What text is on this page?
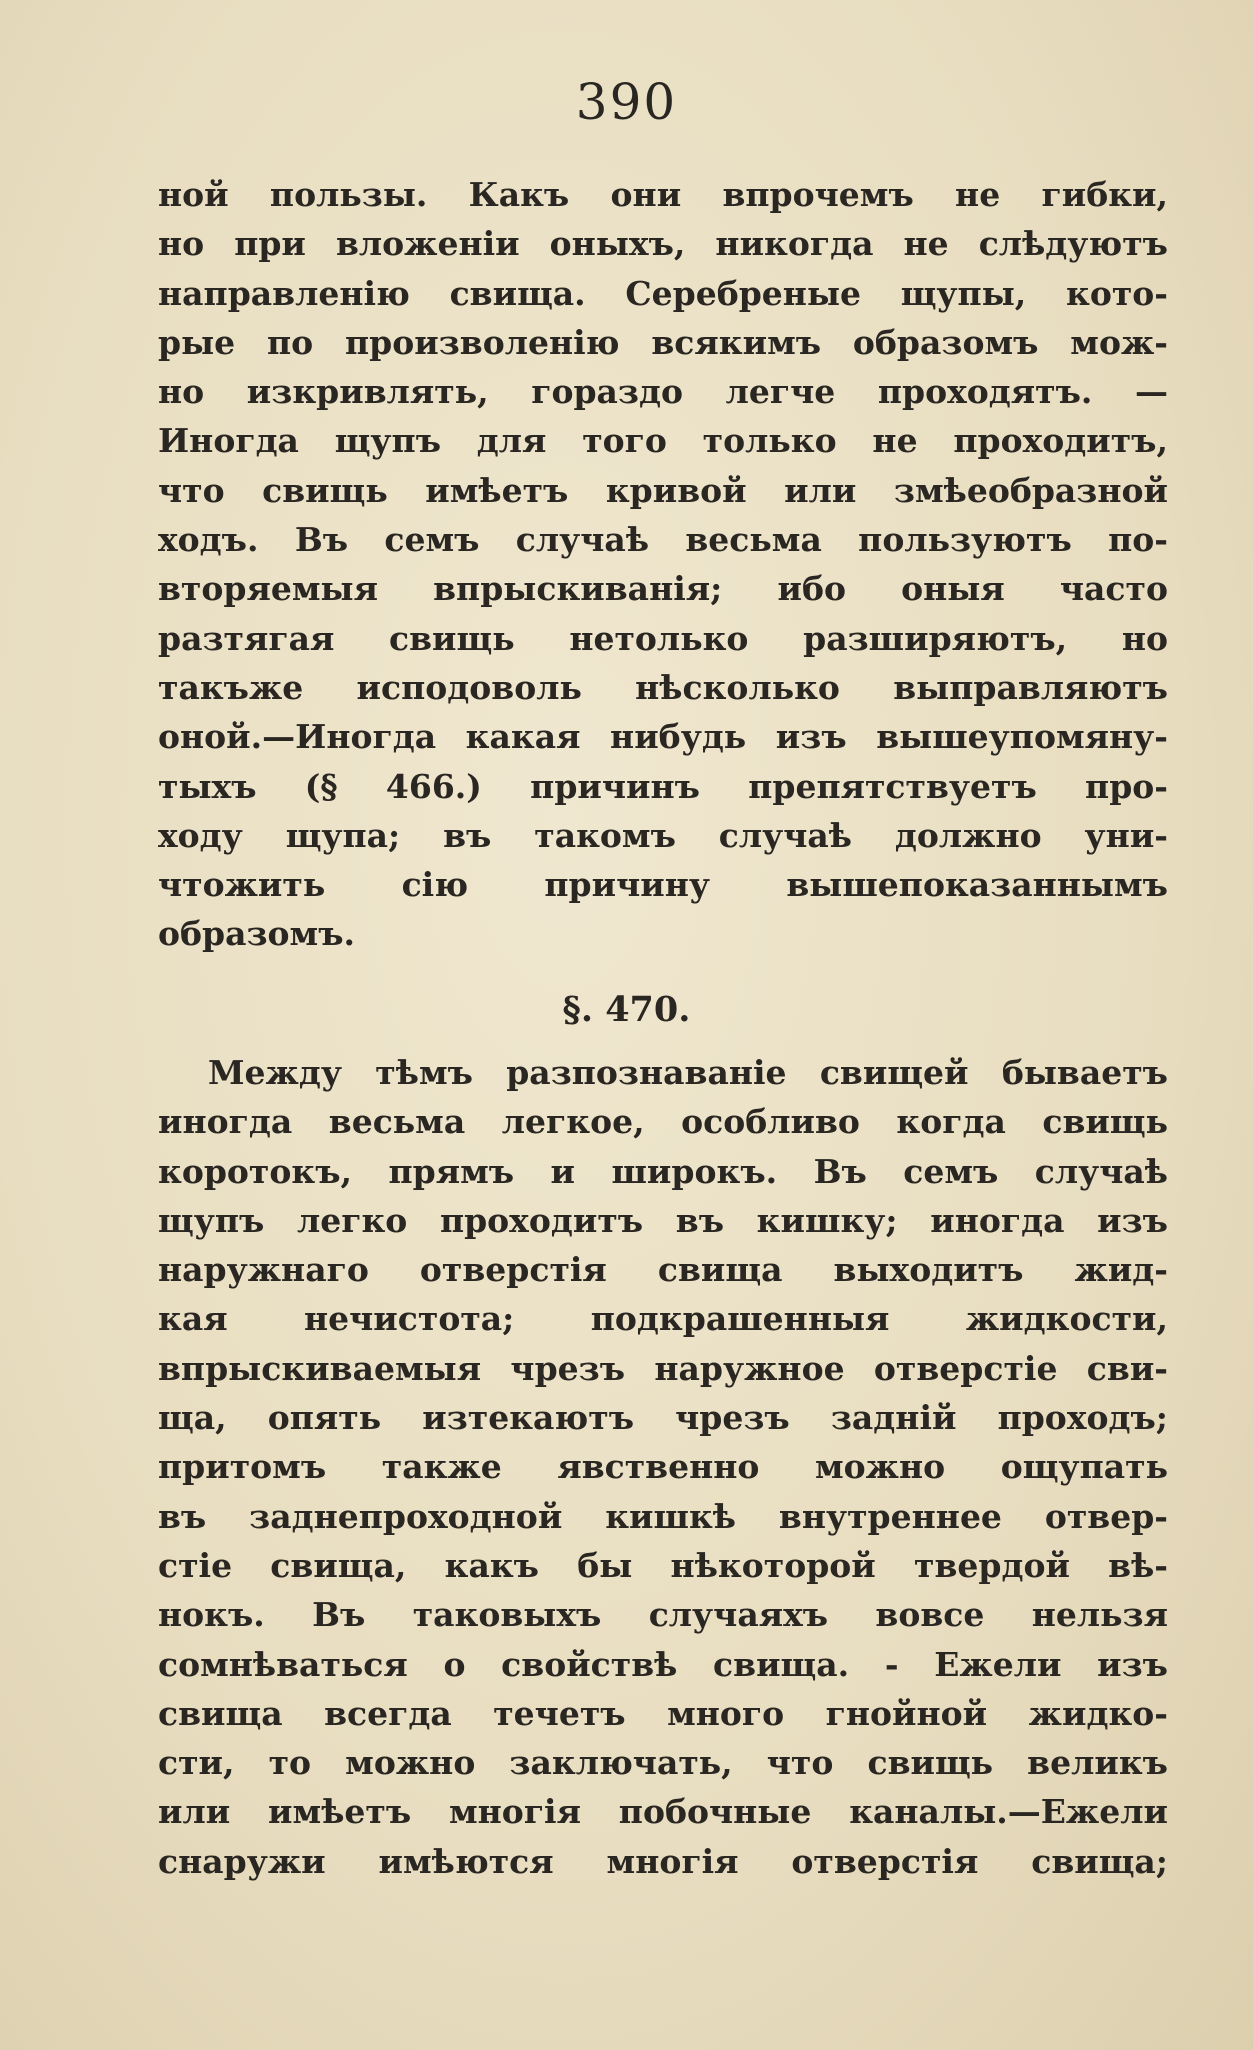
390
ной пользы. Какъ они впрочемъ не гибки,
но при вложенiи оныхъ, никогда не слѣдуютъ
направленiю свища. Серебреные щупы, кото-
рые по произволенiю всякимъ образомъ мож-
но изкривлять, гораздо легче проходятъ. —
Иногда щупъ для того только не проходитъ,
что свищь имѣетъ кривой или змѣеобразной
ходъ. Въ семъ случаѣ весьма пользуютъ по-
вторяемыя впрыскиванiя; ибо оныя часто
разтягая свищь нетолько разширяютъ, но
такъже исподоволь нѣсколько выправляютъ
оной.—Иногда какая нибудь изъ вышеупомяну-
тыхъ (§ 466.) причинъ препятствуетъ про-
ходу щупа; въ такомъ случаѣ должно уни-
чтожить сiю причину вышепоказаннымъ
образомъ.
§. 470.
Между тѣмъ разпознаванiе свищей бываетъ
иногда весьма легкое, особливо когда свищь
коротокъ, прямъ и широкъ. Въ семъ случаѣ
щупъ легко проходитъ въ кишку; иногда изъ
наружнаго отверстiя свища выходитъ жид-
кая нечистота; подкрашенныя жидкости,
впрыскиваемыя чрезъ наружное отверстiе сви-
ща, опять изтекаютъ чрезъ заднiй проходъ;
притомъ также явственно можно ощупать
въ заднепроходной кишкѣ внутреннее отвер-
стiе свища, какъ бы нѣкоторой твердой вѣ-
нокъ. Въ таковыхъ случаяхъ вовсе нельзя
сомнѣваться о свойствѣ свища. - Ежели изъ
свища всегда течетъ много гнойной жидко-
сти, то можно заключать, что свищь великъ
или имѣетъ многiя побочные каналы.—Ежели
снаружи имѣются многiя отверстiя свища;
